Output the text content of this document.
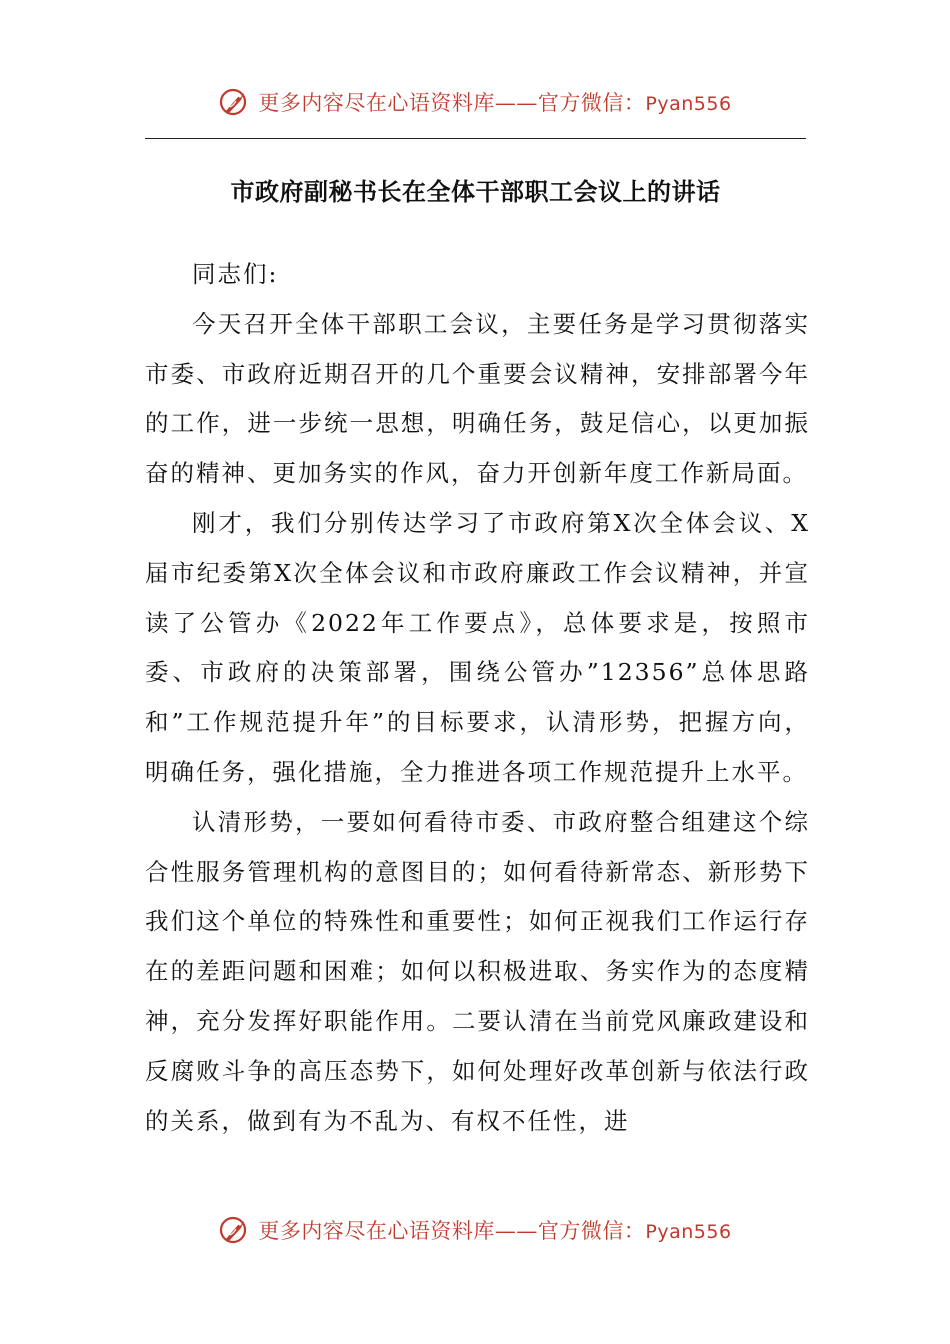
更多内容尽在心语资料库——官方微信：Pyan556
市政府副秘书长在全体干部职工会议上的讲话

同志们:

今天召开全体干部职工会议，主要任务是学习贯彻落实市委、市政府近期召开的几个重要会议精神，安排部署今年的工作，进一步统一思想，明确任务，鼓足信心，以更加振奋的精神、更加务实的作风，奋力开创新年度工作新局面。

刚才，我们分别传达学习了市政府第X次全体会议、X届市纪委第X次全体会议和市政府廉政工作会议精神，并宣读了公管办《2022年工作要点》，总体要求是，按照市委、市政府的决策部署，围绕公管办”12356”总体思路和”工作规范提升年”的目标要求，认清形势，把握方向，明确任务，强化措施，全力推进各项工作规范提升上水平。

认清形势，一要如何看待市委、市政府整合组建这个综合性服务管理机构的意图目的；如何看待新常态、新形势下我们这个单位的特殊性和重要性；如何正视我们工作运行存在的差距问题和困难；如何以积极进取、务实作为的态度精神，充分发挥好职能作用。二要认清在当前党风廉政建设和反腐败斗争的高压态势下，如何处理好改革创新与依法行政的关系，做到有为不乱为、有权不任性，进

更多内容尽在心语资料库——官方微信：Pyan556
